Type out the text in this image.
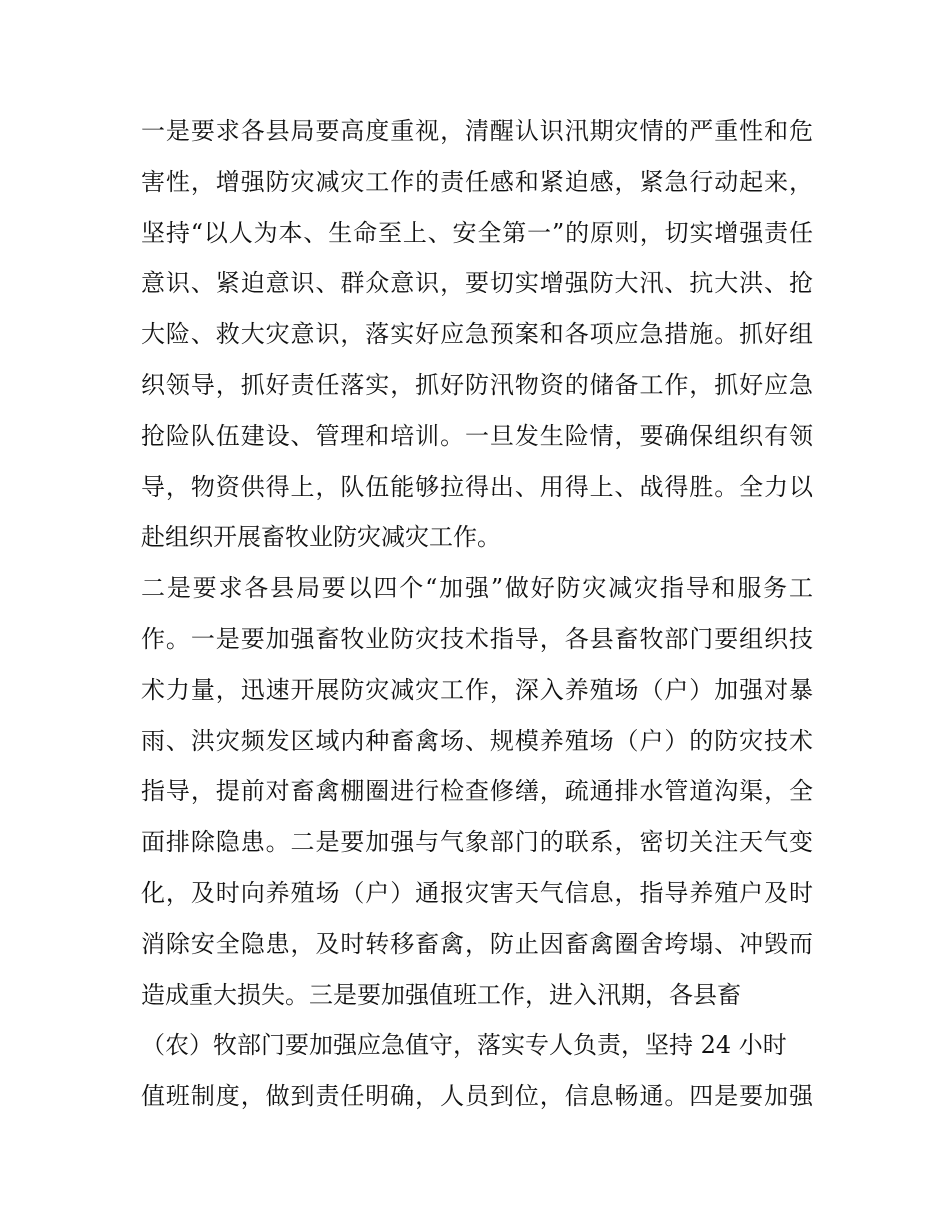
一是要求各县局要高度重视，清醒认识汛期灾情的严重性和危
害性，增强防灾减灾工作的责任感和紧迫感，紧急行动起来，
坚持“以人为本、生命至上、安全第一”的原则，切实增强责任
意识、紧迫意识、群众意识，要切实增强防大汛、抗大洪、抢
大险、救大灾意识，落实好应急预案和各项应急措施。抓好组
织领导，抓好责任落实，抓好防汛物资的储备工作，抓好应急
抢险队伍建设、管理和培训。一旦发生险情，要确保组织有领
导，物资供得上，队伍能够拉得出、用得上、战得胜。全力以
赴组织开展畜牧业防灾减灾工作。
二是要求各县局要以四个“加强”做好防灾减灾指导和服务工
作。一是要加强畜牧业防灾技术指导，各县畜牧部门要组织技
术力量，迅速开展防灾减灾工作，深入养殖场（户）加强对暴
雨、洪灾频发区域内种畜禽场、规模养殖场（户）的防灾技术
指导，提前对畜禽棚圈进行检查修缮，疏通排水管道沟渠，全
面排除隐患。二是要加强与气象部门的联系，密切关注天气变
化，及时向养殖场（户）通报灾害天气信息，指导养殖户及时
消除安全隐患，及时转移畜禽，防止因畜禽圈舍垮塌、冲毁而
造成重大损失。三是要加强值班工作，进入汛期，各县畜
（农）牧部门要加强应急值守，落实专人负责，坚持 24 小时
值班制度，做到责任明确，人员到位，信息畅通。四是要加强
